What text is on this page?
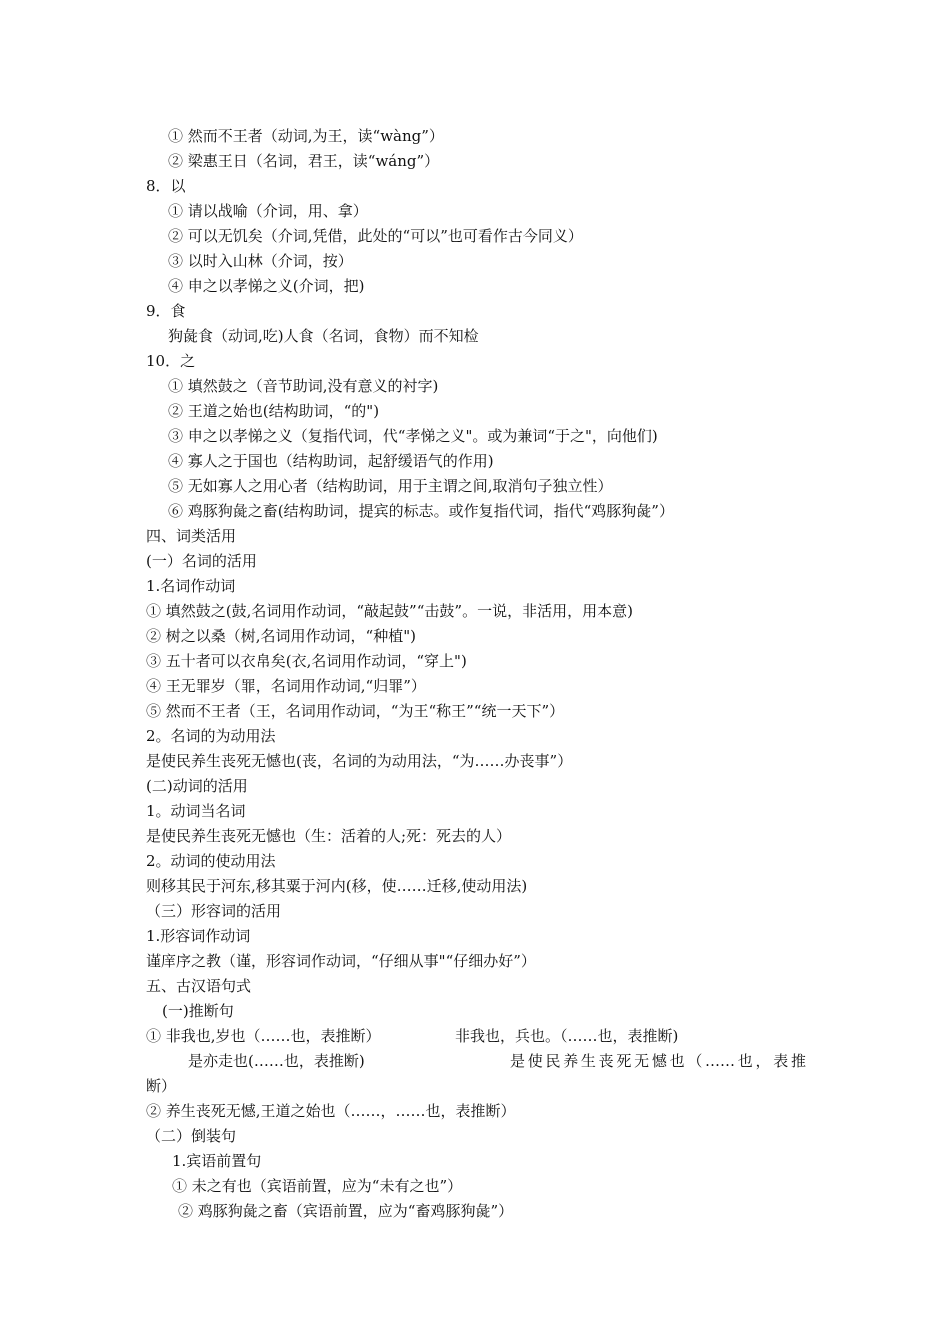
① 然而不王者（动词,为王，读“wàng”）
② 梁惠王日（名词，君王，读“wáng”）
8．以
① 请以战喻（介词，用、拿）
② 可以无饥矣（介词,凭借，此处的“可以”也可看作古今同义）
③ 以时入山林（介词，按）
④ 申之以孝悌之义(介词，把)
9．食
狗彘食（动词,吃)人食（名词，食物）而不知检
10．之
① 填然鼓之（音节助词,没有意义的衬字)
② 王道之始也(结构助词，“的")
③ 申之以孝悌之义（复指代词，代“孝悌之义"。或为兼词“于之"，向他们)
④ 寡人之于国也（结构助词，起舒缓语气的作用)
⑤ 无如寡人之用心者（结构助词，用于主谓之间,取消句子独立性）
⑥ 鸡豚狗彘之畜(结构助词，提宾的标志。或作复指代词，指代“鸡豚狗彘”）
四、词类活用
(一）名词的活用
1.名词作动词
① 填然鼓之(鼓,名词用作动词，“敲起鼓”“击鼓”。一说，非活用，用本意)
② 树之以桑（树,名词用作动词，“种植")
③ 五十者可以衣帛矣(衣,名词用作动词，“穿上")
④ 王无罪岁（罪，名词用作动词,“归罪”）
⑤ 然而不王者（王，名词用作动词，“为王“称王”“统一天下”）
2。名词的为动用法
是使民养生丧死无憾也(丧，名词的为动用法，“为……办丧事”）
(二)动词的活用
1。动词当名词
是使民养生丧死无憾也（生：活着的人;死：死去的人）
2。动词的使动用法
则移其民于河东,移其粟于河内(移，使……迁移,使动用法)
（三）形容词的活用
1.形容词作动词
谨庠序之教（谨，形容词作动词，“仔细从事"“仔细办好”）
五、古汉语句式
(一)推断句
① 非我也,岁也（……也，表推断）	非我也，兵也。（……也，表推断)
是亦走也(……也，表推断)	是使民养生丧死无憾也（……也，表推
断）
② 养生丧死无憾,王道之始也（……，……也，表推断）
（二）倒装句
1.宾语前置句
① 未之有也（宾语前置，应为“未有之也”）
② 鸡豚狗彘之畜（宾语前置，应为“畜鸡豚狗彘”）
